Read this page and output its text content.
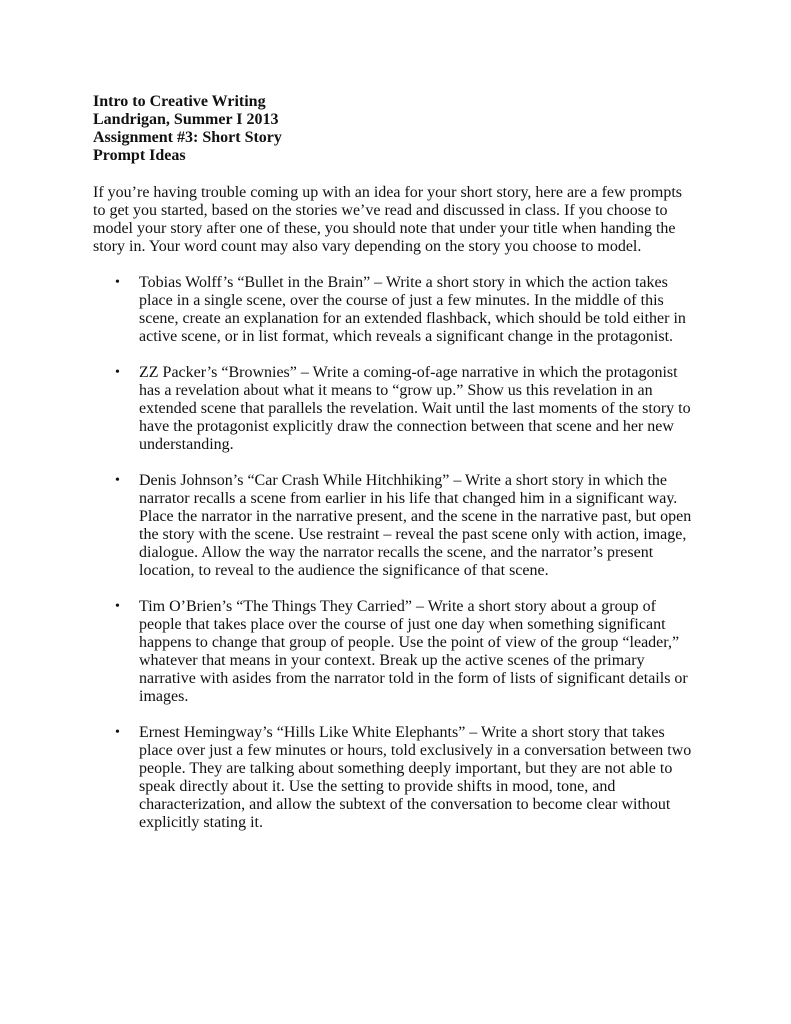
Intro to Creative Writing
Landrigan, Summer I 2013
Assignment #3: Short Story
Prompt Ideas

If you’re having trouble coming up with an idea for your short story, here are a few prompts to get you started, based on the stories we’ve read and discussed in class. If you choose to model your story after one of these, you should note that under your title when handing the story in. Your word count may also vary depending on the story you choose to model.

• Tobias Wolff’s “Bullet in the Brain” – Write a short story in which the action takes place in a single scene, over the course of just a few minutes. In the middle of this scene, create an explanation for an extended flashback, which should be told either in active scene, or in list format, which reveals a significant change in the protagonist.
• ZZ Packer’s “Brownies” – Write a coming-of-age narrative in which the protagonist has a revelation about what it means to “grow up.” Show us this revelation in an extended scene that parallels the revelation. Wait until the last moments of the story to have the protagonist explicitly draw the connection between that scene and her new understanding.
• Denis Johnson’s “Car Crash While Hitchhiking” – Write a short story in which the narrator recalls a scene from earlier in his life that changed him in a significant way. Place the narrator in the narrative present, and the scene in the narrative past, but open the story with the scene. Use restraint – reveal the past scene only with action, image, dialogue. Allow the way the narrator recalls the scene, and the narrator’s present location, to reveal to the audience the significance of that scene.
• Tim O’Brien’s “The Things They Carried” – Write a short story about a group of people that takes place over the course of just one day when something significant happens to change that group of people. Use the point of view of the group “leader,” whatever that means in your context. Break up the active scenes of the primary narrative with asides from the narrator told in the form of lists of significant details or images.
• Ernest Hemingway’s “Hills Like White Elephants” – Write a short story that takes place over just a few minutes or hours, told exclusively in a conversation between two people. They are talking about something deeply important, but they are not able to speak directly about it. Use the setting to provide shifts in mood, tone, and characterization, and allow the subtext of the conversation to become clear without explicitly stating it.
